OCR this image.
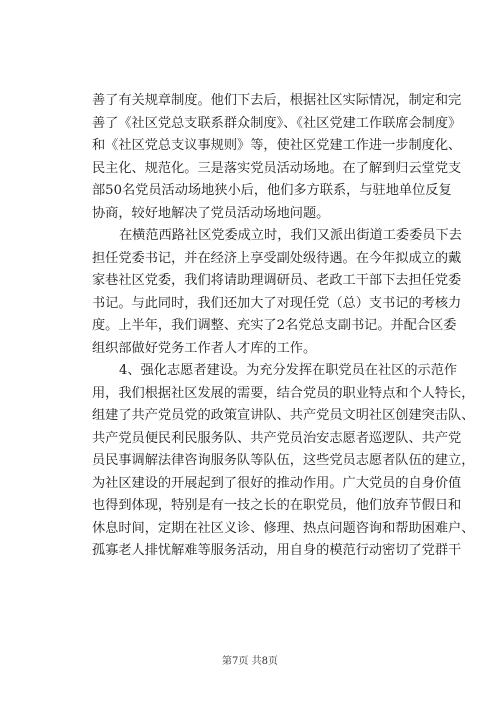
善了有关规章制度。他们下去后，根据社区实际情况，制定和完
善了《社区党总支联系群众制度》、《社区党建工作联席会制度》
和《社区党总支议事规则》等，使社区党建工作进一步制度化、
民主化、规范化。三是落实党员活动场地。在了解到归云堂党支
部50名党员活动场地狭小后，他们多方联系，与驻地单位反复
协商，较好地解决了党员活动场地问题。
在横范西路社区党委成立时，我们又派出街道工委委员下去
担任党委书记，并在经济上享受副处级待遇。在今年拟成立的戴
家巷社区党委，我们将请助理调研员、老政工干部下去担任党委
书记。与此同时，我们还加大了对现任党（总）支书记的考核力
度。上半年，我们调整、充实了2名党总支副书记。并配合区委
组织部做好党务工作者人才库的工作。
4、强化志愿者建设。为充分发挥在职党员在社区的示范作
用，我们根据社区发展的需要，结合党员的职业特点和个人特长，
组建了共产党员党的政策宣讲队、共产党员文明社区创建突击队、
共产党员便民利民服务队、共产党员治安志愿者巡逻队、共产党
员民事调解法律咨询服务队等队伍，这些党员志愿者队伍的建立，
为社区建设的开展起到了很好的推动作用。广大党员的自身价值
也得到体现，特别是有一技之长的在职党员，他们放弃节假日和
休息时间，定期在社区义诊、修理、热点问题咨询和帮助困难户、
孤寡老人排忧解难等服务活动，用自身的模范行动密切了党群干
第7页 共8页
